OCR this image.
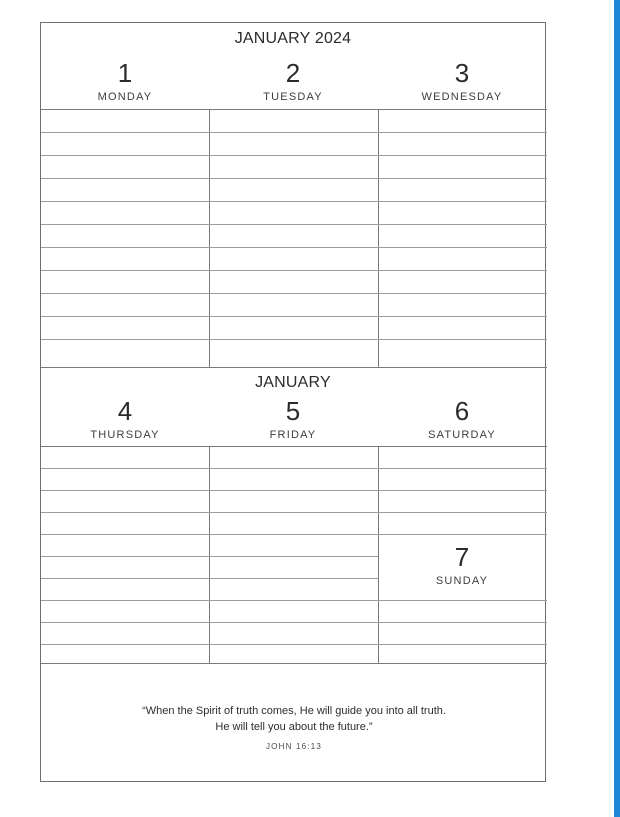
JANUARY 2024
1
MONDAY
2
TUESDAY
3
WEDNESDAY
JANUARY
4
THURSDAY
5
FRIDAY
6
SATURDAY
7
SUNDAY
“When the Spirit of truth comes, He will guide you into all truth.
He will tell you about the future.”
JOHN 16:13
